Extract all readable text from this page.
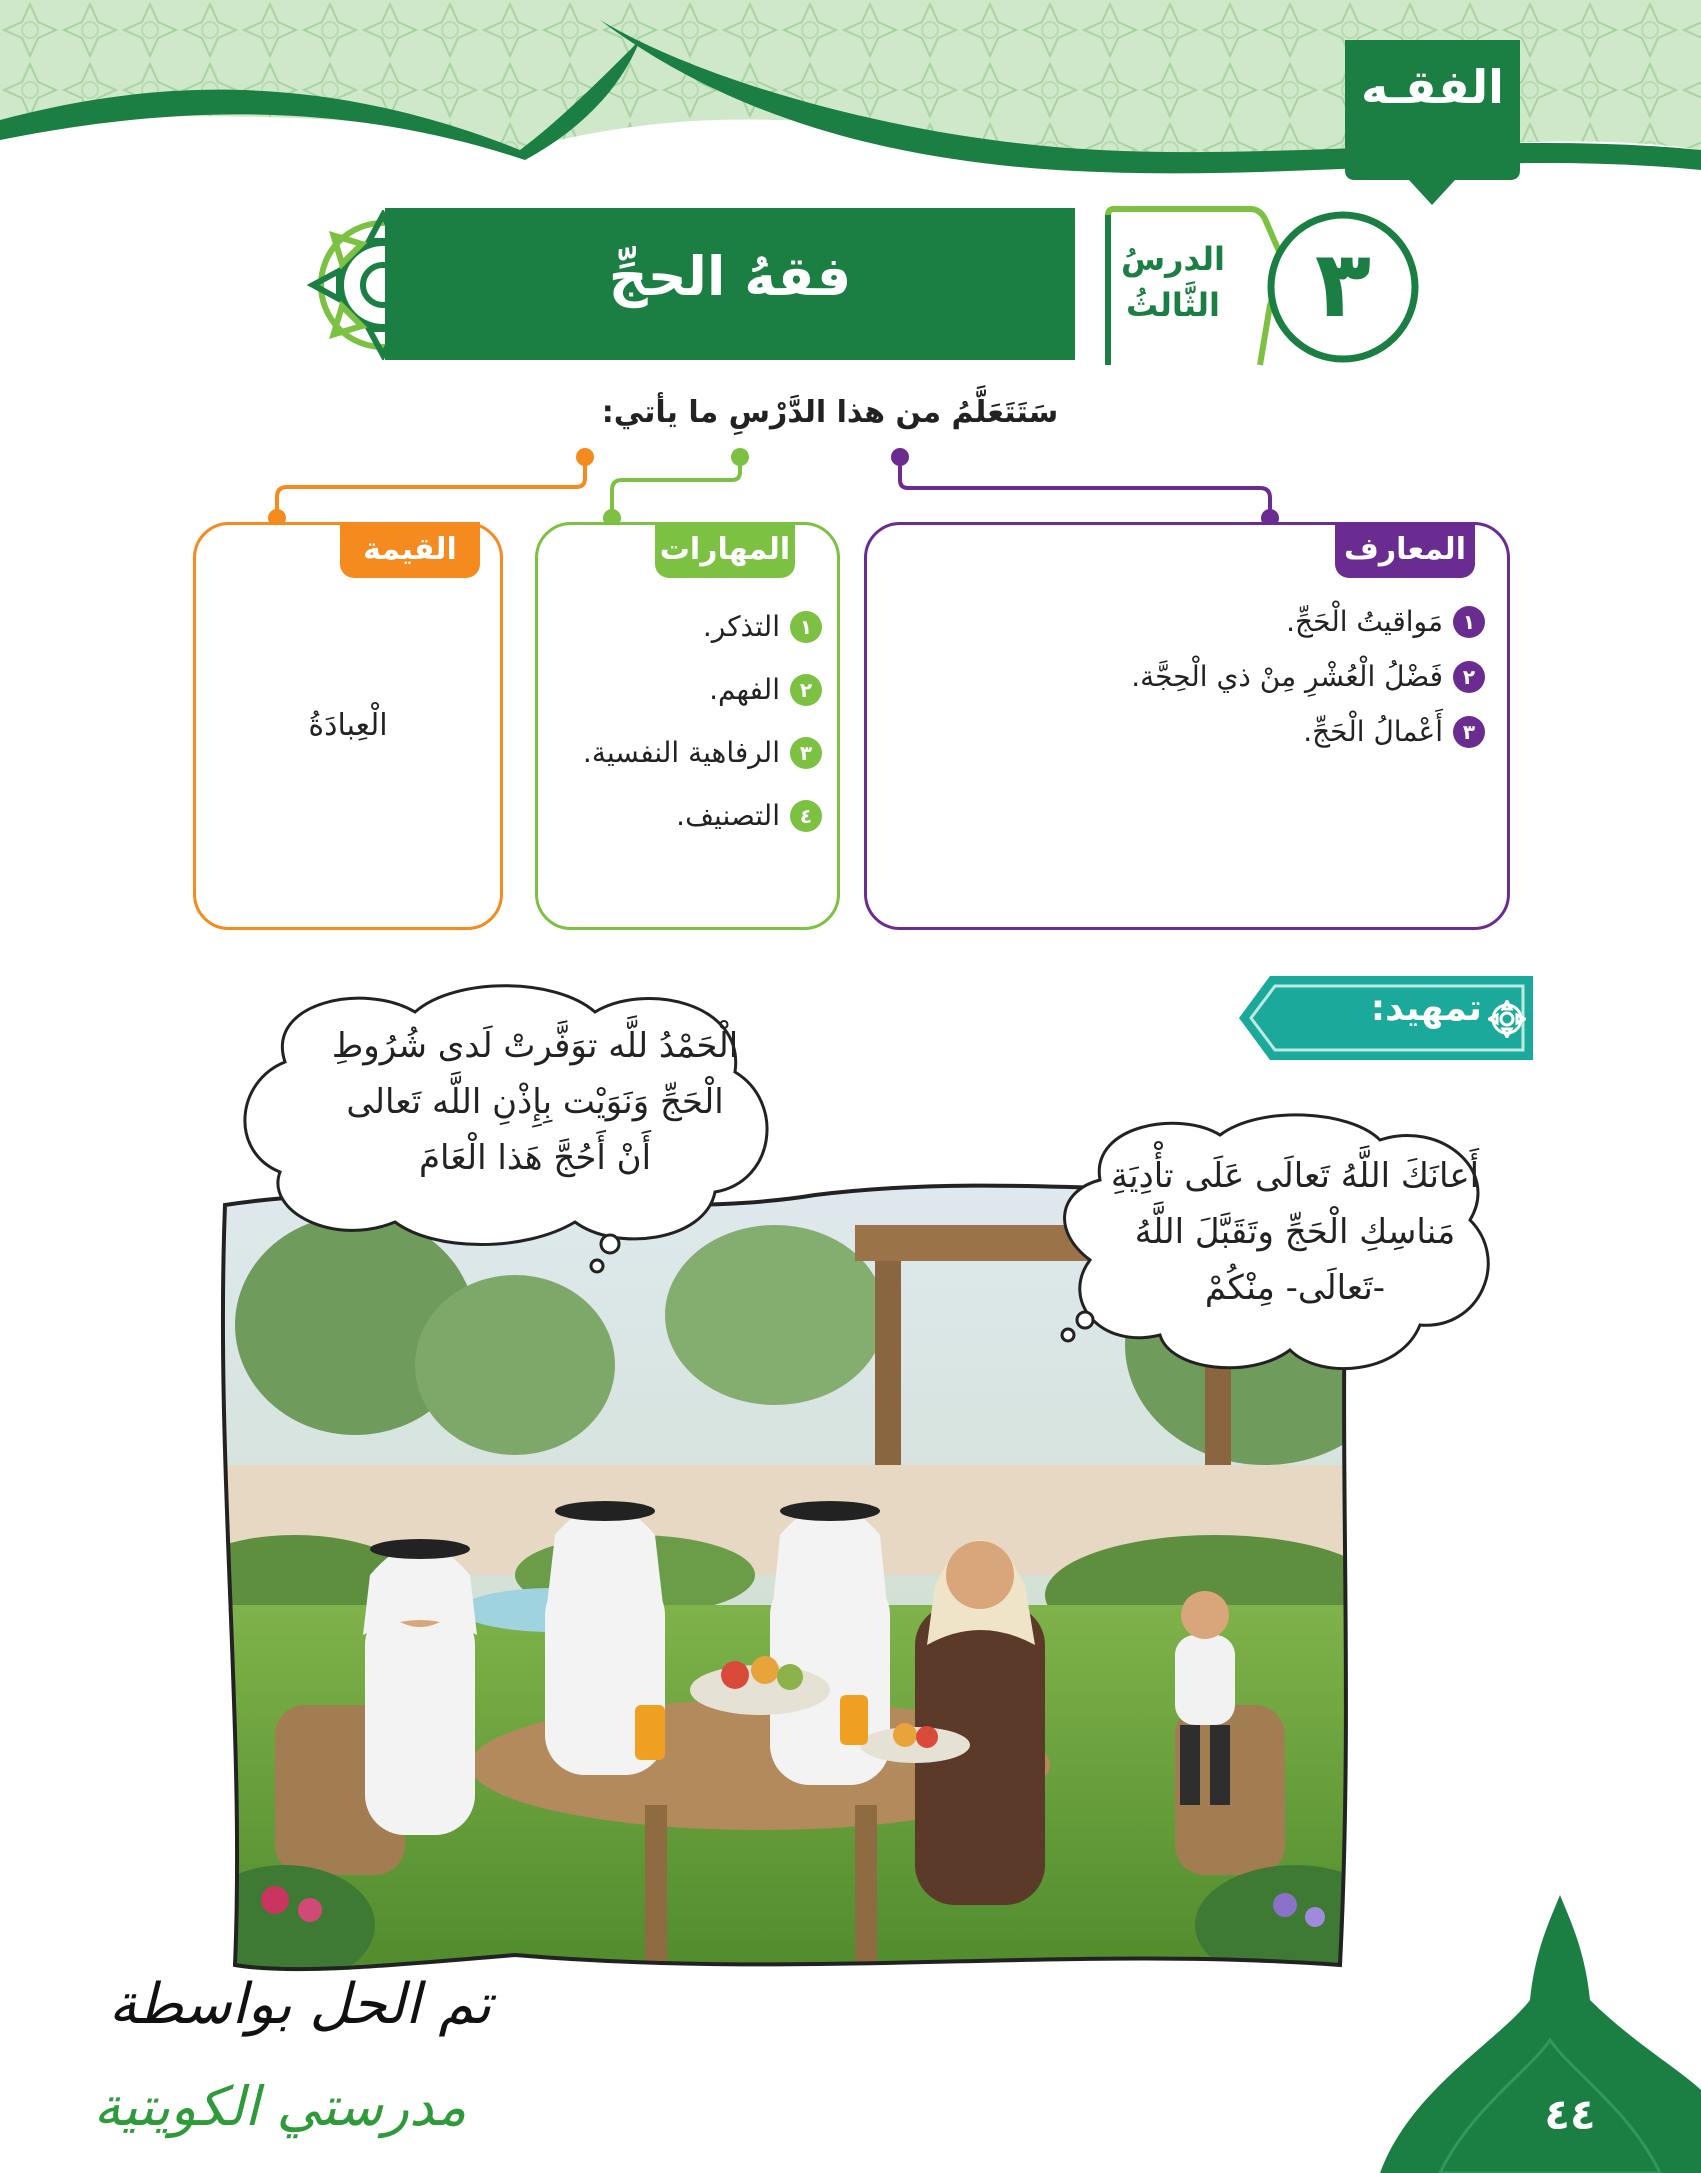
الفقـه
فقهُ الحجِّ	الدرسُ
الثَّالثُ	٣
سَتَتَعَلَّمُ من هذا الدَّرْسِ ما يأتي:
المعارف
١
مَواقيتُ الْحَجِّ.
٢
فَضْلُ الْعُشْرِ مِنْ ذي الْحِجَّة.
٣
أَعْمالُ الْحَجِّ.
المهارات
١
التذكر.
٢
الفهم.
٣
الرفاهية النفسية.
٤
التصنيف.
القيمة
الْعِبادَةُ
تمهيد:
الْحَمْدُ للَّه توَفَّرتْ لَدى شُرُوطِ
الْحَجِّ وَنَوَيْت بِإِذْنِ اللَّه تَعالى
أَنْ أَحُجَّ هَذا الْعَامَ	أَعانَكَ اللَّهُ تَعالَى عَلَى تأْدِيَةِ
مَناسِكِ الْحَجِّ وتَقَبَّلَ اللَّهُ
-تَعالَى- مِنْكُمْ
٤٤
تم الحل بواسطة
مدرستي الكويتية
